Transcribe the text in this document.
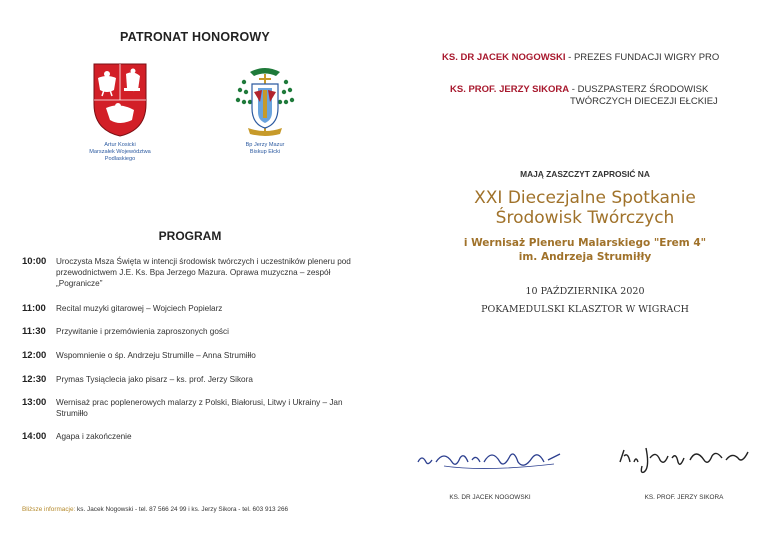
PATRONAT HONOROWY
Artur Kosicki
Marszałek Województwa
Podlaskiego
Bp Jerzy Mazur
Biskup Ełcki
PROGRAM
10:00	Uroczysta Msza Święta w intencji środowisk twórczych i uczestników pleneru pod przewodnictwem J.E. Ks. Bpa Jerzego Mazura. Oprawa muzyczna – zespół „Pogranicze”
11:00	Recital muzyki gitarowej – Wojciech Popielarz
11:30	Przywitanie i przemówienia zaproszonych gości
12:00	Wspomnienie o śp. Andrzeju Strumille – Anna Strumiłło
12:30	Prymas Tysiąclecia jako pisarz – ks. prof. Jerzy Sikora
13:00	Wernisaż prac poplenerowych malarzy z Polski, Białorusi, Litwy i Ukrainy – Jan Strumiłło
14:00	Agapa i zakończenie
Bliższe informacje: ks. Jacek Nogowski - tel. 87 566 24 99 i ks. Jerzy Sikora - tel. 603 913 266
KS. DR JACEK NOGOWSKI - PREZES FUNDACJI WIGRY PRO
KS. PROF. JERZY SIKORA - DUSZPASTERZ ŚRODOWISK
TWÓRCZYCH DIECEZJI EŁCKIEJ
MAJĄ ZASZCZYT ZAPROSIĆ NA
XXI Diecezjalne Spotkanie
Środowisk Twórczych
i Wernisaż Pleneru Malarskiego "Erem 4"
im. Andrzeja Strumiłły
10 PAŹDZIERNIKA 2020
POKAMEDULSKI KLASZTOR W WIGRACH
KS. DR JACEK NOGOWSKI	KS. PROF. JERZY SIKORA
